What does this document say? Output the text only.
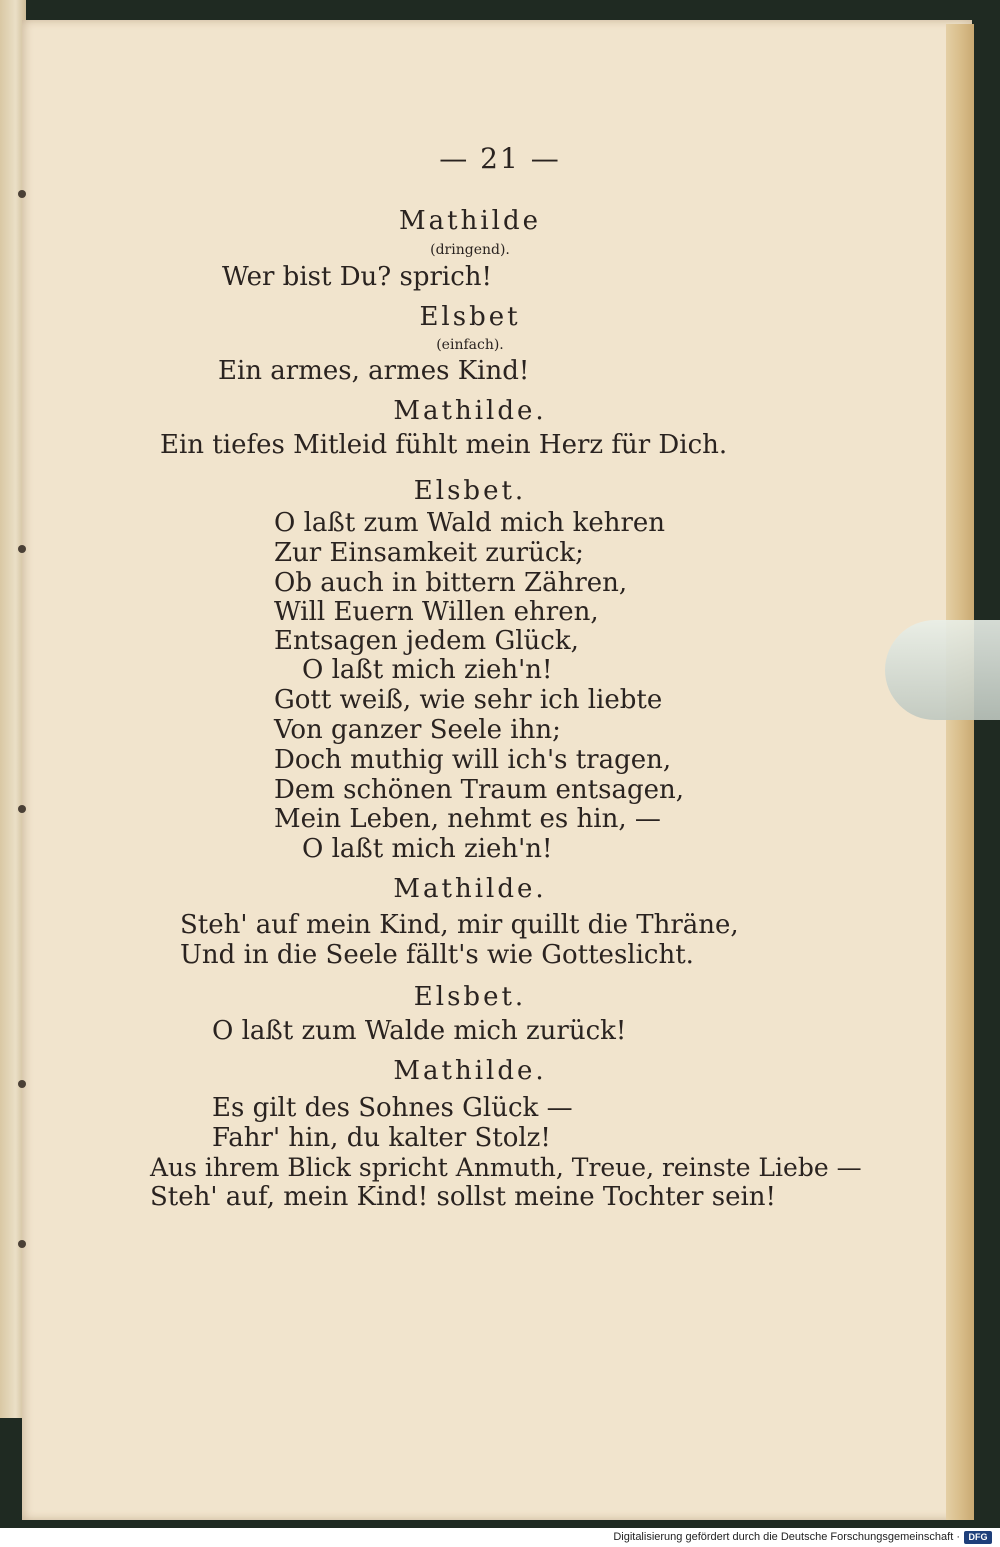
— 21 —
Mathilde
(dringend).
Wer bist Du? sprich!
Elsbet
(einfach).
Ein armes, armes Kind!
Mathilde.
Ein tiefes Mitleid fühlt mein Herz für Dich.
Elsbet.
O laßt zum Wald mich kehren
Zur Einsamkeit zurück;
Ob auch in bittern Zähren,
Will Euern Willen ehren,
Entsagen jedem Glück,
O laßt mich zieh'n!
Gott weiß, wie sehr ich liebte
Von ganzer Seele ihn;
Doch muthig will ich's tragen,
Dem schönen Traum entsagen,
Mein Leben, nehmt es hin, —
O laßt mich zieh'n!
Mathilde.
Steh' auf mein Kind, mir quillt die Thräne,
Und in die Seele fällt's wie Gotteslicht.
Elsbet.
O laßt zum Walde mich zurück!
Mathilde.
Es gilt des Sohnes Glück —
Fahr' hin, du kalter Stolz!
Aus ihrem Blick spricht Anmuth, Treue, reinste Liebe —
Steh' auf, mein Kind! sollst meine Tochter sein!
Digitalisierung gefördert durch die Deutsche Forschungsgemeinschaft · DFG
